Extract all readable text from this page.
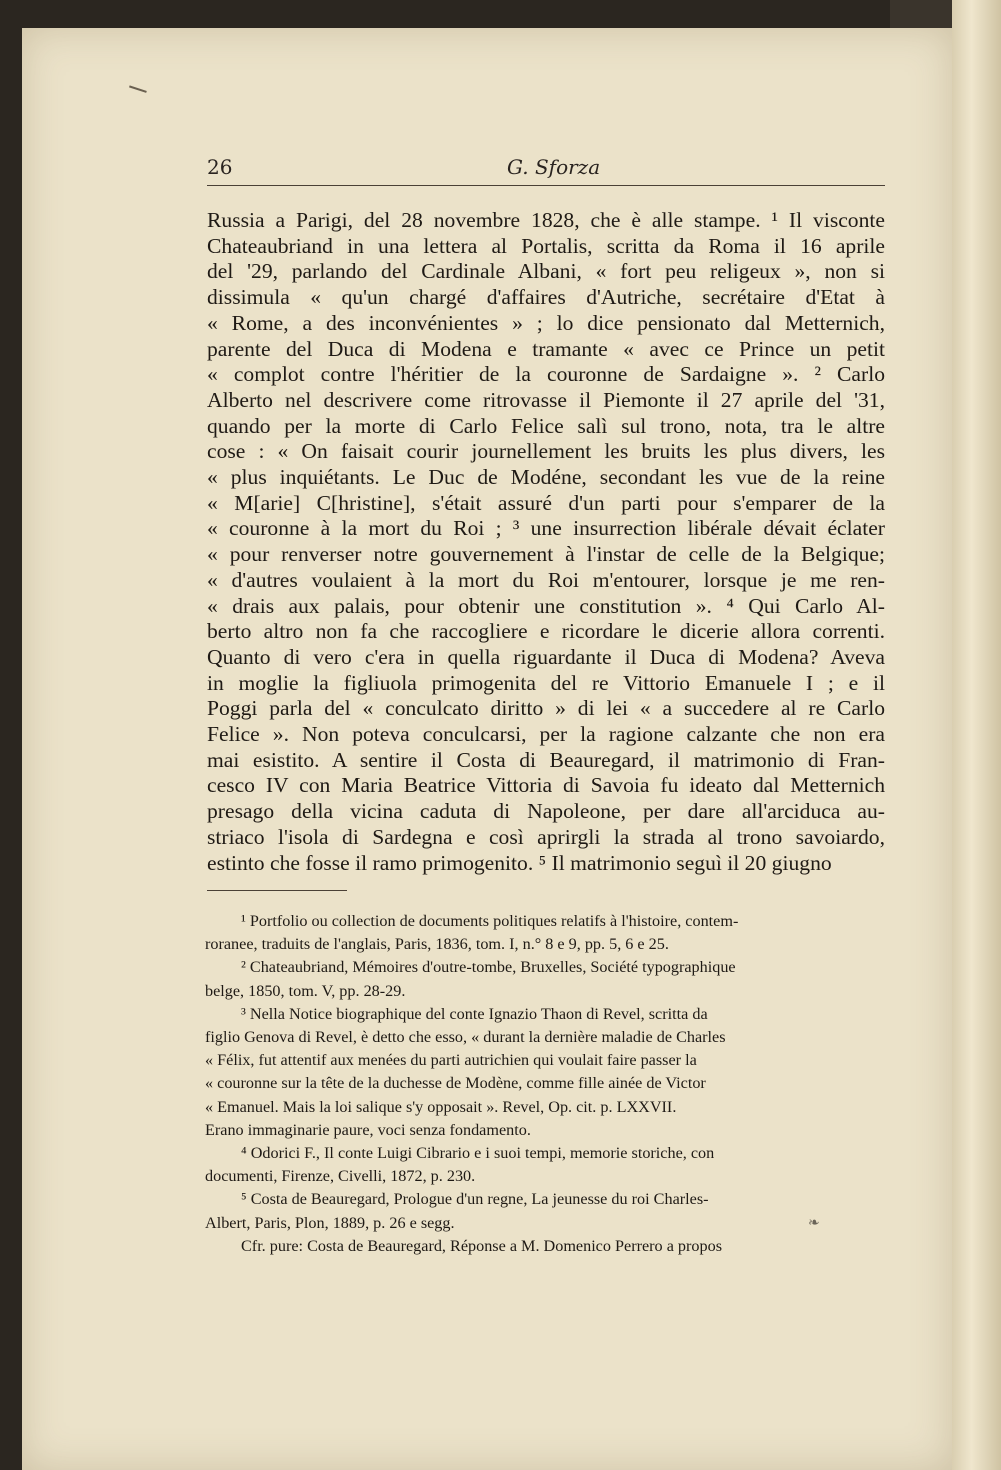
26	G. Sforza
Russia a Parigi, del 28 novembre 1828, che è alle stampe. ¹ Il visconte
Chateaubriand in una lettera al Portalis, scritta da Roma il 16 aprile
del '29, parlando del Cardinale Albani, « fort peu religeux », non si
dissimula « qu'un chargé d'affaires d'Autriche, secrétaire d'Etat à
« Rome, a des inconvénientes » ; lo dice pensionato dal Metternich,
parente del Duca di Modena e tramante « avec ce Prince un petit
« complot contre l'héritier de la couronne de Sardaigne ». ² Carlo
Alberto nel descrivere come ritrovasse il Piemonte il 27 aprile del '31,
quando per la morte di Carlo Felice salì sul trono, nota, tra le altre
cose : « On faisait courir journellement les bruits les plus divers, les
« plus inquiétants. Le Duc de Modéne, secondant les vue de la reine
« M[arie] C[hristine], s'était assuré d'un parti pour s'emparer de la
« couronne à la mort du Roi ; ³ une insurrection libérale dévait éclater
« pour renverser notre gouvernement à l'instar de celle de la Belgique;
« d'autres voulaient à la mort du Roi m'entourer, lorsque je me ren-
« drais aux palais, pour obtenir une constitution ». ⁴ Qui Carlo Al-
berto altro non fa che raccogliere e ricordare le dicerie allora correnti.
Quanto di vero c'era in quella riguardante il Duca di Modena? Aveva
in moglie la figliuola primogenita del re Vittorio Emanuele I ; e il
Poggi parla del « conculcato diritto » di lei « a succedere al re Carlo
Felice ». Non poteva conculcarsi, per la ragione calzante che non era
mai esistito. A sentire il Costa di Beauregard, il matrimonio di Fran-
cesco IV con Maria Beatrice Vittoria di Savoia fu ideato dal Metternich
presago della vicina caduta di Napoleone, per dare all'arciduca au-
striaco l'isola di Sardegna e così aprirgli la strada al trono savoiardo,
estinto che fosse il ramo primogenito. ⁵ Il matrimonio seguì il 20 giugno
¹ Portfolio ou collection de documents politiques relatifs à l'histoire, contem-
roranee, traduits de l'anglais, Paris, 1836, tom. I, n.° 8 e 9, pp. 5, 6 e 25.
² Chateaubriand, Mémoires d'outre-tombe, Bruxelles, Société typographique
belge, 1850, tom. V, pp. 28-29.
³ Nella Notice biographique del conte Ignazio Thaon di Revel, scritta da
figlio Genova di Revel, è detto che esso, « durant la dernière maladie de Charles
« Félix, fut attentif aux menées du parti autrichien qui voulait faire passer la
« couronne sur la tête de la duchesse de Modène, comme fille ainée de Victor
« Emanuel. Mais la loi salique s'y opposait ». Revel, Op. cit. p. LXXVII.
Erano immaginarie paure, voci senza fondamento.
⁴ Odorici F., Il conte Luigi Cibrario e i suoi tempi, memorie storiche, con
documenti, Firenze, Civelli, 1872, p. 230.
⁵ Costa de Beauregard, Prologue d'un regne, La jeunesse du roi Charles-
Albert, Paris, Plon, 1889, p. 26 e segg.
Cfr. pure: Costa de Beauregard, Réponse a M. Domenico Perrero a propos
❧
